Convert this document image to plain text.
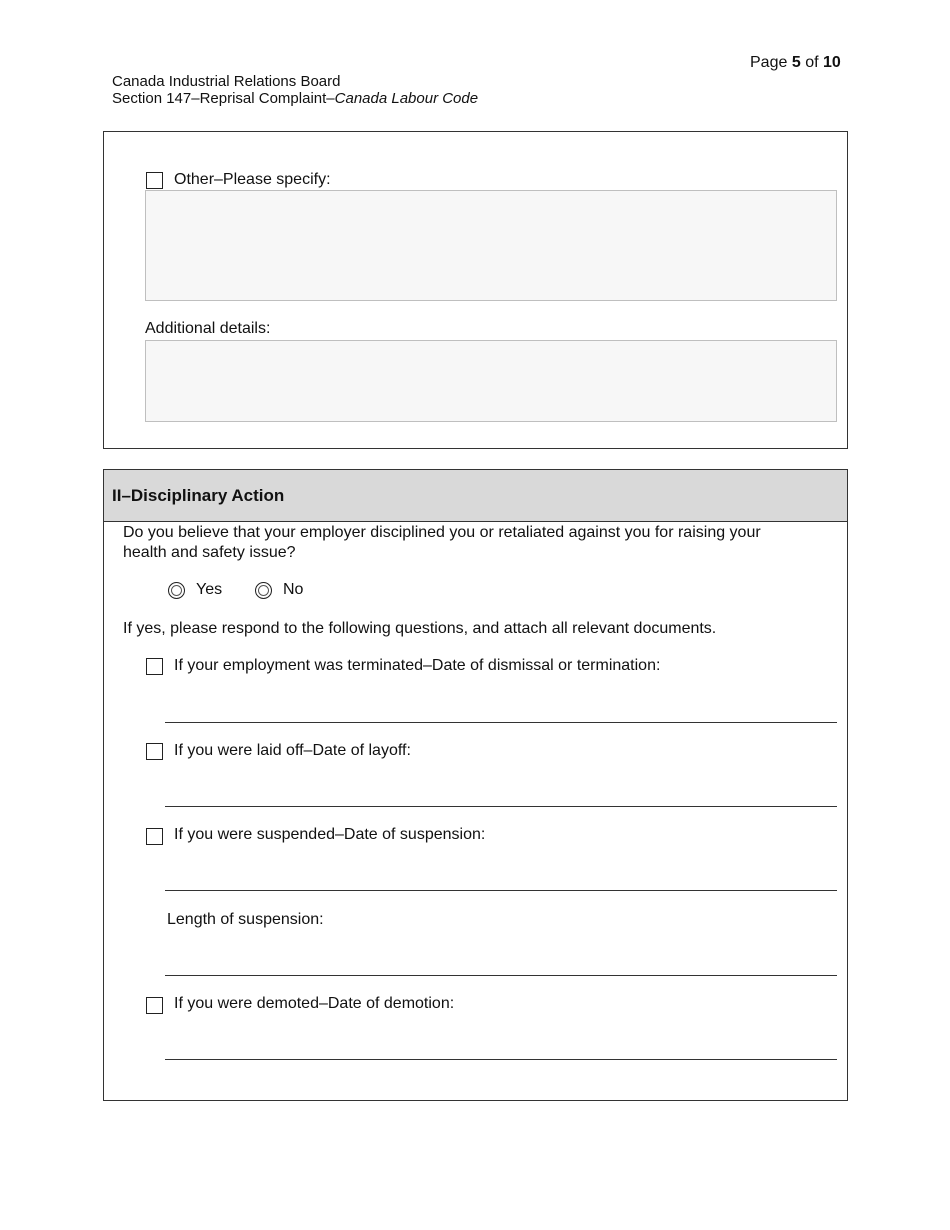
Page 5 of 10
Canada Industrial Relations Board
Section 147–Reprisal Complaint–Canada Labour Code
Other–Please specify:
Additional details:
II–Disciplinary Action
Do you believe that your employer disciplined you or retaliated against you for raising your
health and safety issue?
Yes	No
If yes, please respond to the following questions, and attach all relevant documents.
If your employment was terminated–Date of dismissal or termination:
If you were laid off–Date of layoff:
If you were suspended–Date of suspension:
Length of suspension:
If you were demoted–Date of demotion:
